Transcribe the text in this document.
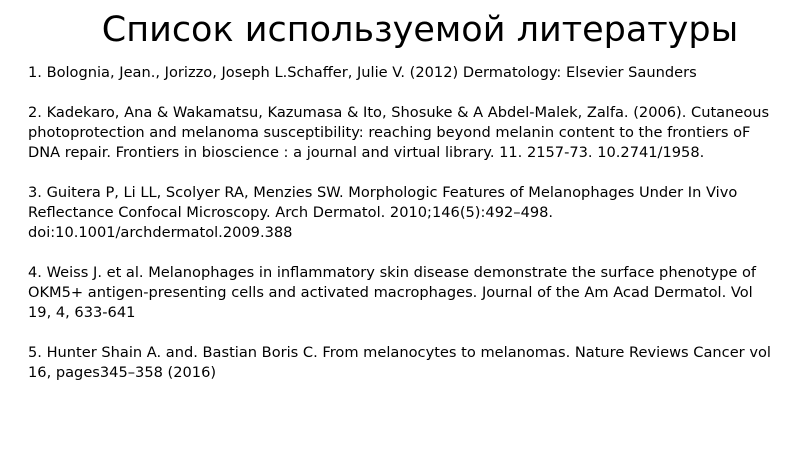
Список используемой литературы

1. Bolognia, Jean., Jorizzo, Joseph L.Schaffer, Julie V. (2012) Dermatology: Elsevier Saunders

2. Kadekaro, Ana & Wakamatsu, Kazumasa & Ito, Shosuke & A Abdel-Malek, Zalfa. (2006). Cutaneous photoprotection and melanoma susceptibility: reaching beyond melanin content to the frontiers oF DNA repair. Frontiers in bioscience : a journal and virtual library. 11. 2157-73. 10.2741/1958.

3. Guitera P, Li LL, Scolyer RA, Menzies SW. Morphologic Features of Melanophages Under In Vivo Reflectance Confocal Microscopy. Arch Dermatol. 2010;146(5):492–498. doi:10.1001/archdermatol.2009.388

4. Weiss J. et al. Melanophages in inflammatory skin disease demonstrate the surface phenotype of OKM5+ antigen-presenting cells and activated macrophages. Journal of the Am Acad Dermatol. Vol 19, 4, 633-641

5. Hunter Shain A. and. Bastian Boris C. From melanocytes to melanomas. Nature Reviews Cancer vol 16, pages345–358 (2016)
